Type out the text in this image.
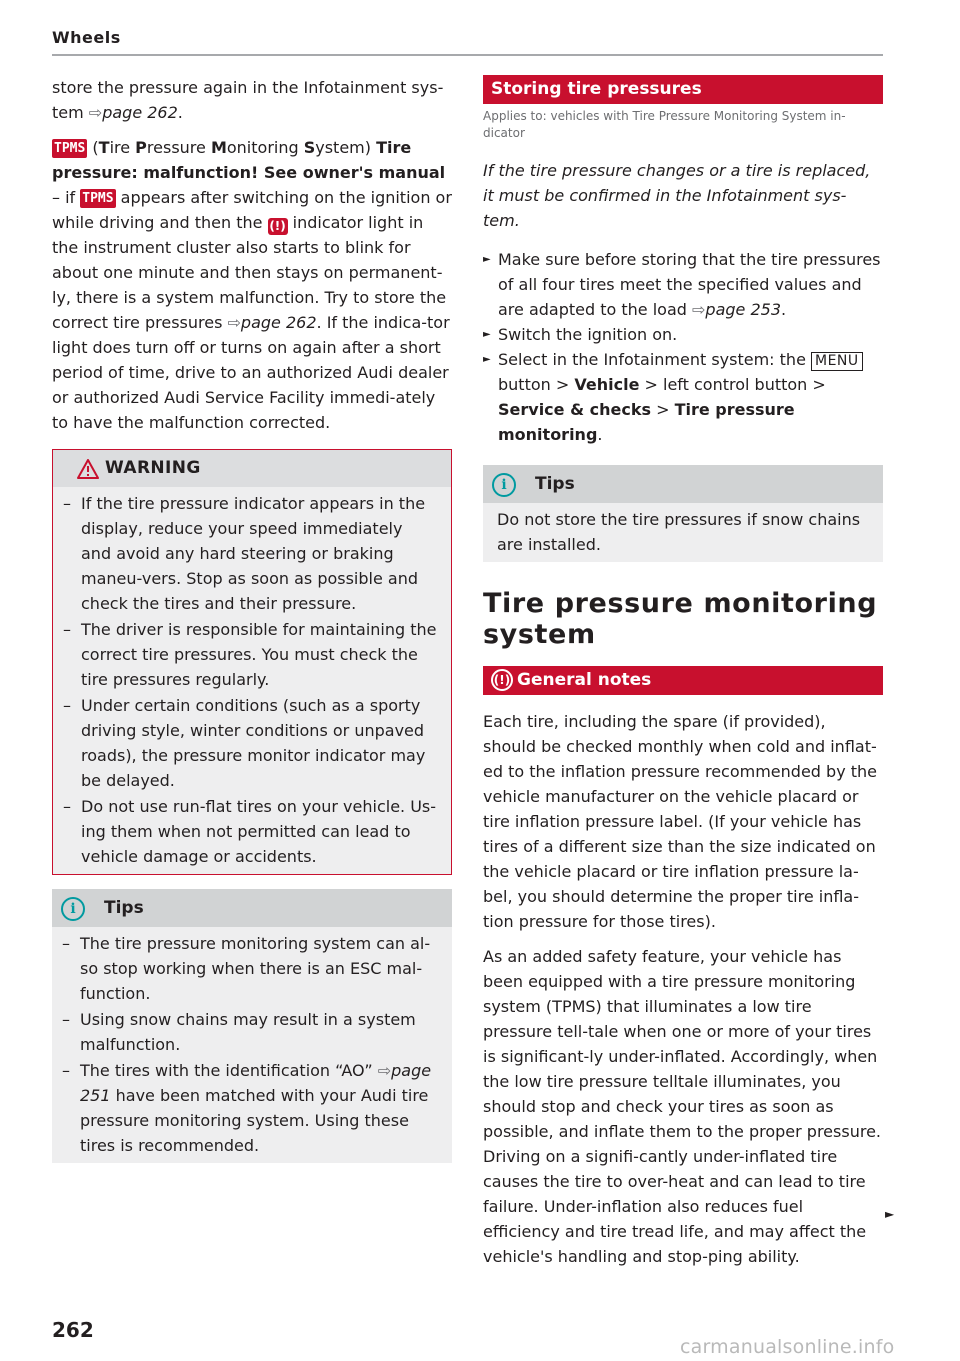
Wheels

store the pressure again in the Infotainment sys-tem ⇨page 262.

TPMS (Tire Pressure Monitoring System) Tire pressure: malfunction! See owner's manual – if TPMS appears after switching on the ignition or while driving and then the (!) indicator light in the instrument cluster also starts to blink for about one minute and then stays on permanent-ly, there is a system malfunction. Try to store the correct tire pressures ⇨page 262. If the indica-tor light does turn off or turns on again after a short period of time, drive to an authorized Audi dealer or authorized Audi Service Facility immedi-ately to have the malfunction corrected.

WARNING
– If the tire pressure indicator appears in the display, reduce your speed immediately and avoid any hard steering or braking maneu-vers. Stop as soon as possible and check the tires and their pressure.
– The driver is responsible for maintaining the correct tire pressures. You must check the tire pressures regularly.
– Under certain conditions (such as a sporty driving style, winter conditions or unpaved roads), the pressure monitor indicator may be delayed.
– Do not use run-flat tires on your vehicle. Us-ing them when not permitted can lead to vehicle damage or accidents.
i	Tips
– The tire pressure monitoring system can al-so stop working when there is an ESC mal-function.
– Using snow chains may result in a system malfunction.
– The tires with the identification “AO” ⇨page 251 have been matched with your Audi tire pressure monitoring system. Using these tires is recommended.
Storing tire pressures
Applies to: vehicles with Tire Pressure Monitoring System in-dicator

If the tire pressure changes or a tire is replaced, it must be confirmed in the Infotainment sys-tem.

► Make sure before storing that the tire pressures of all four tires meet the specified values and are adapted to the load ⇨page 253.
► Switch the ignition on.
► Select in the Infotainment system: the MENU button > Vehicle > left control button > Service & checks > Tire pressure monitoring.
i	Tips
Do not store the tire pressures if snow chains are installed.
Tire pressure monitoring system
(!) General notes

Each tire, including the spare (if provided), should be checked monthly when cold and inflat-ed to the inflation pressure recommended by the vehicle manufacturer on the vehicle placard or tire inflation pressure label. (If your vehicle has tires of a different size than the size indicated on the vehicle placard or tire inflation pressure la-bel, you should determine the proper tire infla-tion pressure for those tires).

As an added safety feature, your vehicle has been equipped with a tire pressure monitoring system (TPMS) that illuminates a low tire pressure tell-tale when one or more of your tires is significant-ly under-inflated. Accordingly, when the low tire pressure telltale illuminates, you should stop and check your tires as soon as possible, and inflate them to the proper pressure. Driving on a signifi-cantly under-inflated tire causes the tire to over-heat and can lead to tire failure. Under-inflation also reduces fuel efficiency and tire tread life, and may affect the vehicle's handling and stop-ping ability.

►
262
carmanualsonline.info
